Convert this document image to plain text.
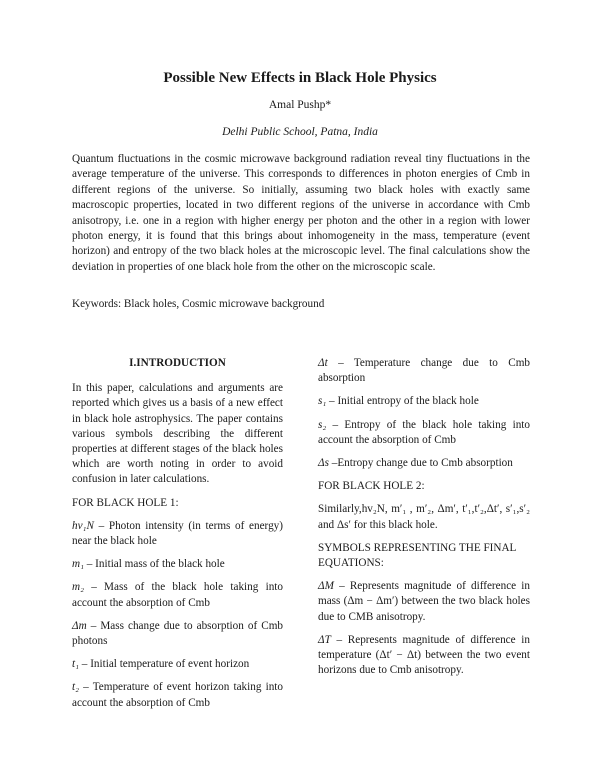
Possible New Effects in Black Hole Physics
Amal Pushp*
Delhi Public School, Patna, India

Quantum fluctuations in the cosmic microwave background radiation reveal tiny fluctuations in the average temperature of the universe. This corresponds to differences in photon energies of Cmb in different regions of the universe. So initially, assuming two black holes with exactly same macroscopic properties, located in two different regions of the universe in accordance with Cmb anisotropy, i.e. one in a region with higher energy per photon and the other in a region with lower photon energy, it is found that this brings about inhomogeneity in the mass, temperature (event horizon) and entropy of the two black holes at the microscopic level. The final calculations show the deviation in properties of one black hole from the other on the microscopic scale.

Keywords: Black holes, Cosmic microwave background

I.INTRODUCTION

In this paper, calculations and arguments are reported which gives us a basis of a new effect in black hole astrophysics. The paper contains various symbols describing the different properties at different stages of the black holes which are worth noting in order to avoid confusion in later calculations.

FOR BLACK HOLE 1:

hv₁N – Photon intensity (in terms of energy) near the black hole

m₁ – Initial mass of the black hole

m₂ – Mass of the black hole taking into account the absorption of Cmb

Δm – Mass change due to absorption of Cmb photons

t₁ – Initial temperature of event horizon

t₂ – Temperature of event horizon taking into account the absorption of Cmb

Δt – Temperature change due to Cmb absorption

s₁ – Initial entropy of the black hole

s₂ – Entropy of the black hole taking into account the absorption of Cmb

Δs –Entropy change due to Cmb absorption

FOR BLACK HOLE 2:

Similarly,hv₂N, m′₁ , m′₂, Δm′, t′₁,t′₂,Δt′, s′₁,s′₂ and Δs′ for this black hole.

SYMBOLS REPRESENTING THE FINAL EQUATIONS:

ΔM – Represents magnitude of difference in mass (Δm − Δm′) between the two black holes due to CMB anisotropy.

ΔT – Represents magnitude of difference in temperature (Δt′ − Δt) between the two event horizons due to Cmb anisotropy.
